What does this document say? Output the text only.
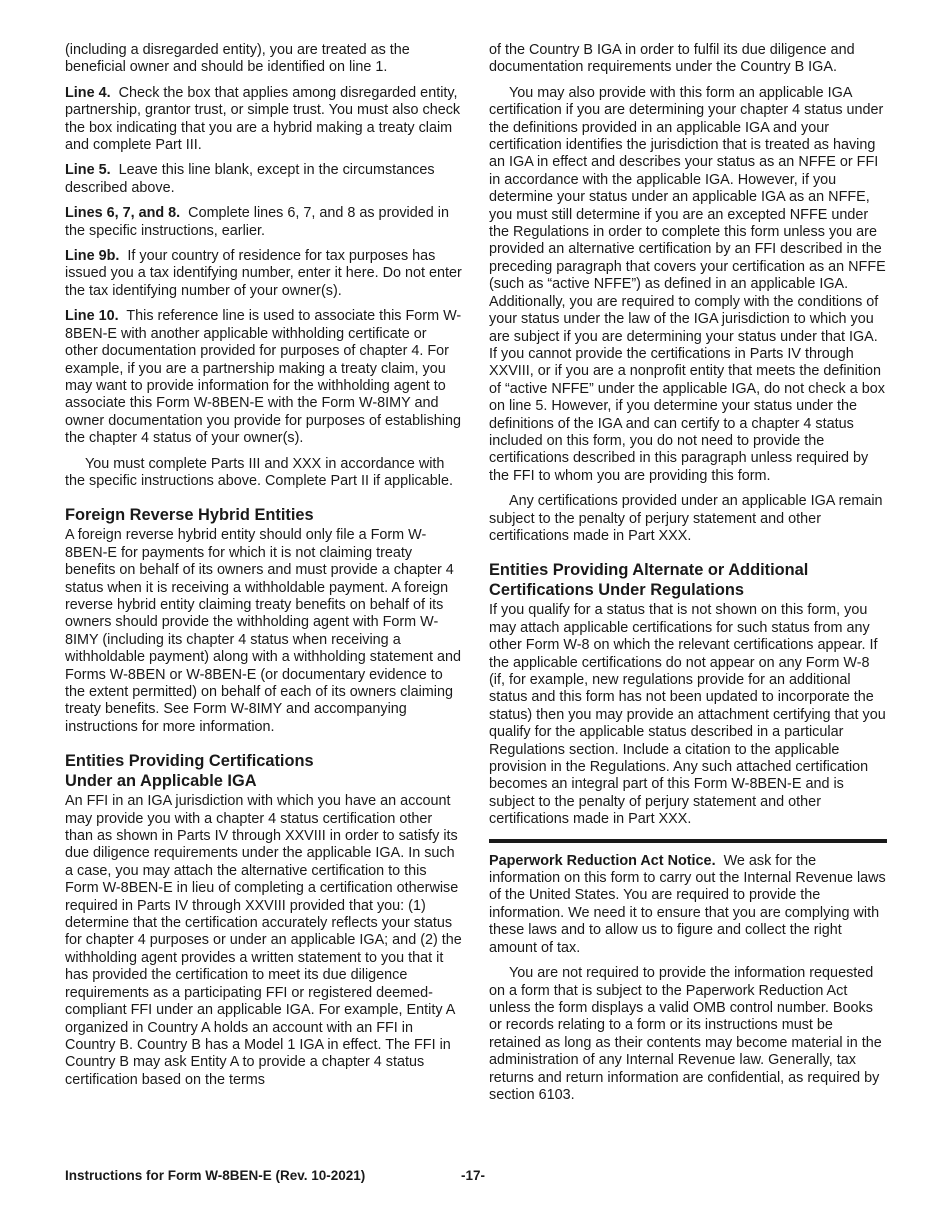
(including a disregarded entity), you are treated as the beneficial owner and should be identified on line 1.

Line 4. Check the box that applies among disregarded entity, partnership, grantor trust, or simple trust. You must also check the box indicating that you are a hybrid making a treaty claim and complete Part III.

Line 5. Leave this line blank, except in the circumstances described above.

Lines 6, 7, and 8. Complete lines 6, 7, and 8 as provided in the specific instructions, earlier.

Line 9b. If your country of residence for tax purposes has issued you a tax identifying number, enter it here. Do not enter the tax identifying number of your owner(s).

Line 10. This reference line is used to associate this Form W-8BEN-E with another applicable withholding certificate or other documentation provided for purposes of chapter 4. For example, if you are a partnership making a treaty claim, you may want to provide information for the withholding agent to associate this Form W-8BEN-E with the Form W-8IMY and owner documentation you provide for purposes of establishing the chapter 4 status of your owner(s).

You must complete Parts III and XXX in accordance with the specific instructions above. Complete Part II if applicable.

Foreign Reverse Hybrid Entities

A foreign reverse hybrid entity should only file a Form W-8BEN-E for payments for which it is not claiming treaty benefits on behalf of its owners and must provide a chapter 4 status when it is receiving a withholdable payment. A foreign reverse hybrid entity claiming treaty benefits on behalf of its owners should provide the withholding agent with Form W-8IMY (including its chapter 4 status when receiving a withholdable payment) along with a withholding statement and Forms W-8BEN or W-8BEN-E (or documentary evidence to the extent permitted) on behalf of each of its owners claiming treaty benefits. See Form W-8IMY and accompanying instructions for more information.

Entities Providing Certifications
Under an Applicable IGA

An FFI in an IGA jurisdiction with which you have an account may provide you with a chapter 4 status certification other than as shown in Parts IV through XXVIII in order to satisfy its due diligence requirements under the applicable IGA. In such a case, you may attach the alternative certification to this Form W-8BEN-E in lieu of completing a certification otherwise required in Parts IV through XXVIII provided that you: (1) determine that the certification accurately reflects your status for chapter 4 purposes or under an applicable IGA; and (2) the withholding agent provides a written statement to you that it has provided the certification to meet its due diligence requirements as a participating FFI or registered deemed-compliant FFI under an applicable IGA. For example, Entity A organized in Country A holds an account with an FFI in Country B. Country B has a Model 1 IGA in effect. The FFI in Country B may ask Entity A to provide a chapter 4 status certification based on the terms

of the Country B IGA in order to fulfil its due diligence and documentation requirements under the Country B IGA.

You may also provide with this form an applicable IGA certification if you are determining your chapter 4 status under the definitions provided in an applicable IGA and your certification identifies the jurisdiction that is treated as having an IGA in effect and describes your status as an NFFE or FFI in accordance with the applicable IGA. However, if you determine your status under an applicable IGA as an NFFE, you must still determine if you are an excepted NFFE under the Regulations in order to complete this form unless you are provided an alternative certification by an FFI described in the preceding paragraph that covers your certification as an NFFE (such as “active NFFE”) as defined in an applicable IGA. Additionally, you are required to comply with the conditions of your status under the law of the IGA jurisdiction to which you are subject if you are determining your status under that IGA. If you cannot provide the certifications in Parts IV through XXVIII, or if you are a nonprofit entity that meets the definition of “active NFFE” under the applicable IGA, do not check a box on line 5. However, if you determine your status under the definitions of the IGA and can certify to a chapter 4 status included on this form, you do not need to provide the certifications described in this paragraph unless required by the FFI to whom you are providing this form.

Any certifications provided under an applicable IGA remain subject to the penalty of perjury statement and other certifications made in Part XXX.

Entities Providing Alternate or Additional
Certifications Under Regulations

If you qualify for a status that is not shown on this form, you may attach applicable certifications for such status from any other Form W-8 on which the relevant certifications appear. If the applicable certifications do not appear on any Form W-8 (if, for example, new regulations provide for an additional status and this form has not been updated to incorporate the status) then you may provide an attachment certifying that you qualify for the applicable status described in a particular Regulations section. Include a citation to the applicable provision in the Regulations. Any such attached certification becomes an integral part of this Form W-8BEN-E and is subject to the penalty of perjury statement and other certifications made in Part XXX.

Paperwork Reduction Act Notice. We ask for the information on this form to carry out the Internal Revenue laws of the United States. You are required to provide the information. We need it to ensure that you are complying with these laws and to allow us to figure and collect the right amount of tax.

You are not required to provide the information requested on a form that is subject to the Paperwork Reduction Act unless the form displays a valid OMB control number. Books or records relating to a form or its instructions must be retained as long as their contents may become material in the administration of any Internal Revenue law. Generally, tax returns and return information are confidential, as required by section 6103.

Instructions for Form W-8BEN-E (Rev. 10-2021)	-17-
